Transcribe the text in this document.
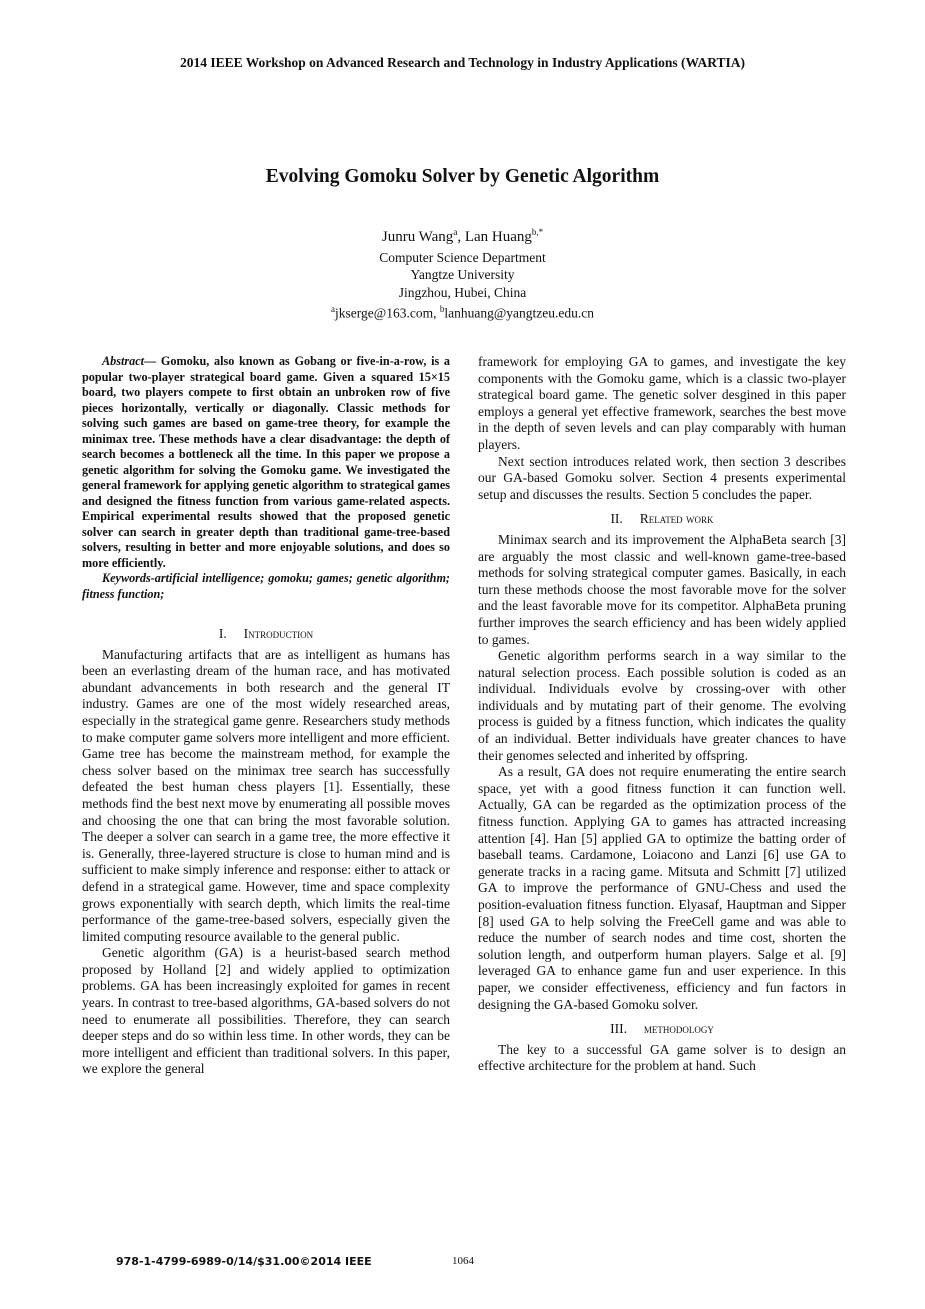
2014 IEEE Workshop on Advanced Research and Technology in Industry Applications (WARTIA)
Evolving Gomoku Solver by Genetic Algorithm
Junru Wang$^a$, Lan Huang$^{b,*}$
Computer Science Department
Yangtze University
Jingzhou, Hubei, China
$^a$jkserge@163.com, $^b$lanhuang@yangtzeu.edu.cn

Abstract— Gomoku, also known as Gobang or five-in-a-row, is a popular two-player strategical board game. Given a squared 15×15 board, two players compete to first obtain an unbroken row of five pieces horizontally, vertically or diagonally. Classic methods for solving such games are based on game-tree theory, for example the minimax tree. These methods have a clear disadvantage: the depth of search becomes a bottleneck all the time. In this paper we propose a genetic algorithm for solving the Gomoku game. We investigated the general framework for applying genetic algorithm to strategical games and designed the fitness function from various game-related aspects. Empirical experimental results showed that the proposed genetic solver can search in greater depth than traditional game-tree-based solvers, resulting in better and more enjoyable solutions, and does so more efficiently.

Keywords-artificial intelligence; gomoku; games; genetic algorithm; fitness function;

I. Introduction

Manufacturing artifacts that are as intelligent as humans has been an everlasting dream of the human race, and has motivated abundant advancements in both research and the general IT industry. Games are one of the most widely researched areas, especially in the strategical game genre. Researchers study methods to make computer game solvers more intelligent and more efficient. Game tree has become the mainstream method, for example the chess solver based on the minimax tree search has successfully defeated the best human chess players [1]. Essentially, these methods find the best next move by enumerating all possible moves and choosing the one that can bring the most favorable solution. The deeper a solver can search in a game tree, the more effective it is. Generally, three-layered structure is close to human mind and is sufficient to make simply inference and response: either to attack or defend in a strategical game. However, time and space complexity grows exponentially with search depth, which limits the real-time performance of the game-tree-based solvers, especially given the limited computing resource available to the general public.

Genetic algorithm (GA) is a heurist-based search method proposed by Holland [2] and widely applied to optimization problems. GA has been increasingly exploited for games in recent years. In contrast to tree-based algorithms, GA-based solvers do not need to enumerate all possibilities. Therefore, they can search deeper steps and do so within less time. In other words, they can be more intelligent and efficient than traditional solvers. In this paper, we explore the general

framework for employing GA to games, and investigate the key components with the Gomoku game, which is a classic two-player strategical board game. The genetic solver desgined in this paper employs a general yet effective framework, searches the best move in the depth of seven levels and can play comparably with human players.

Next section introduces related work, then section 3 describes our GA-based Gomoku solver. Section 4 presents experimental setup and discusses the results. Section 5 concludes the paper.

II. Related work

Minimax search and its improvement the AlphaBeta search [3] are arguably the most classic and well-known game-tree-based methods for solving strategical computer games. Basically, in each turn these methods choose the most favorable move for the solver and the least favorable move for its competitor. AlphaBeta pruning further improves the search efficiency and has been widely applied to games.

Genetic algorithm performs search in a way similar to the natural selection process. Each possible solution is coded as an individual. Individuals evolve by crossing-over with other individuals and by mutating part of their genome. The evolving process is guided by a fitness function, which indicates the quality of an individual. Better individuals have greater chances to have their genomes selected and inherited by offspring.

As a result, GA does not require enumerating the entire search space, yet with a good fitness function it can function well. Actually, GA can be regarded as the optimization process of the fitness function. Applying GA to games has attracted increasing attention [4]. Han [5] applied GA to optimize the batting order of baseball teams. Cardamone, Loiacono and Lanzi [6] use GA to generate tracks in a racing game. Mitsuta and Schmitt [7] utilized GA to improve the performance of GNU-Chess and used the position-evaluation fitness function. Elyasaf, Hauptman and Sipper [8] used GA to help solving the FreeCell game and was able to reduce the number of search nodes and time cost, shorten the solution length, and outperform human players. Salge et al. [9] leveraged GA to enhance game fun and user experience. In this paper, we consider effectiveness, efficiency and fun factors in designing the GA-based Gomoku solver.

III. methodology

The key to a successful GA game solver is to design an effective architecture for the problem at hand. Such

978-1-4799-6989-0/14/$31.00©2014 IEEE	1064
